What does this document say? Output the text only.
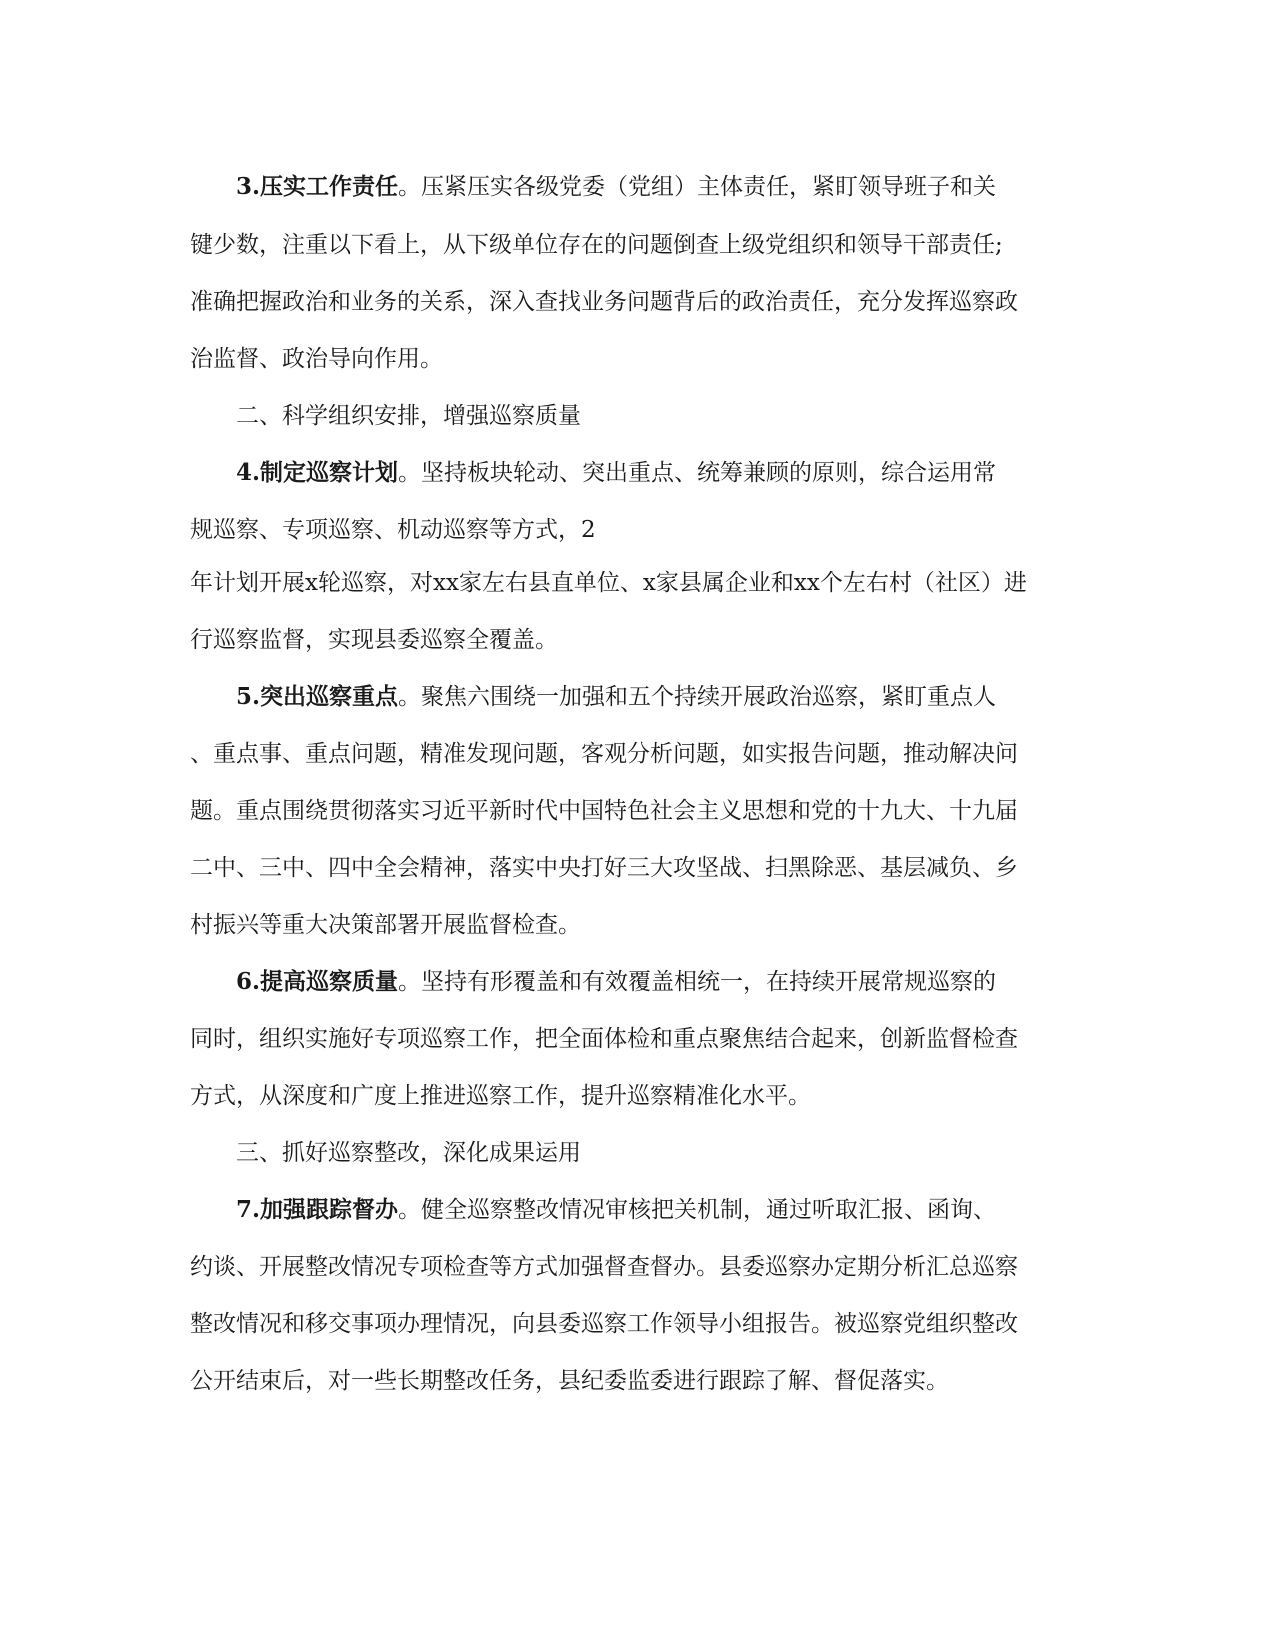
3.压实工作责任。压紧压实各级党委（党组）主体责任，紧盯领导班子和关
键少数，注重以下看上，从下级单位存在的问题倒查上级党组织和领导干部责任;
准确把握政治和业务的关系，深入查找业务问题背后的政治责任，充分发挥巡察政
治监督、政治导向作用。
二、科学组织安排，增强巡察质量
4.制定巡察计划。坚持板块轮动、突出重点、统筹兼顾的原则，综合运用常
规巡察、专项巡察、机动巡察等方式，2
年计划开展x轮巡察，对xx家左右县直单位、x家县属企业和xx个左右村（社区）进
行巡察监督，实现县委巡察全覆盖。
5.突出巡察重点。聚焦六围绕一加强和五个持续开展政治巡察，紧盯重点人
、重点事、重点问题，精准发现问题，客观分析问题，如实报告问题，推动解决问
题。重点围绕贯彻落实习近平新时代中国特色社会主义思想和党的十九大、十九届
二中、三中、四中全会精神，落实中央打好三大攻坚战、扫黑除恶、基层减负、乡
村振兴等重大决策部署开展监督检查。
6.提高巡察质量。坚持有形覆盖和有效覆盖相统一，在持续开展常规巡察的
同时，组织实施好专项巡察工作，把全面体检和重点聚焦结合起来，创新监督检查
方式，从深度和广度上推进巡察工作，提升巡察精准化水平。
三、抓好巡察整改，深化成果运用
7.加强跟踪督办。健全巡察整改情况审核把关机制，通过听取汇报、函询、
约谈、开展整改情况专项检查等方式加强督查督办。县委巡察办定期分析汇总巡察
整改情况和移交事项办理情况，向县委巡察工作领导小组报告。被巡察党组织整改
公开结束后，对一些长期整改任务，县纪委监委进行跟踪了解、督促落实。
